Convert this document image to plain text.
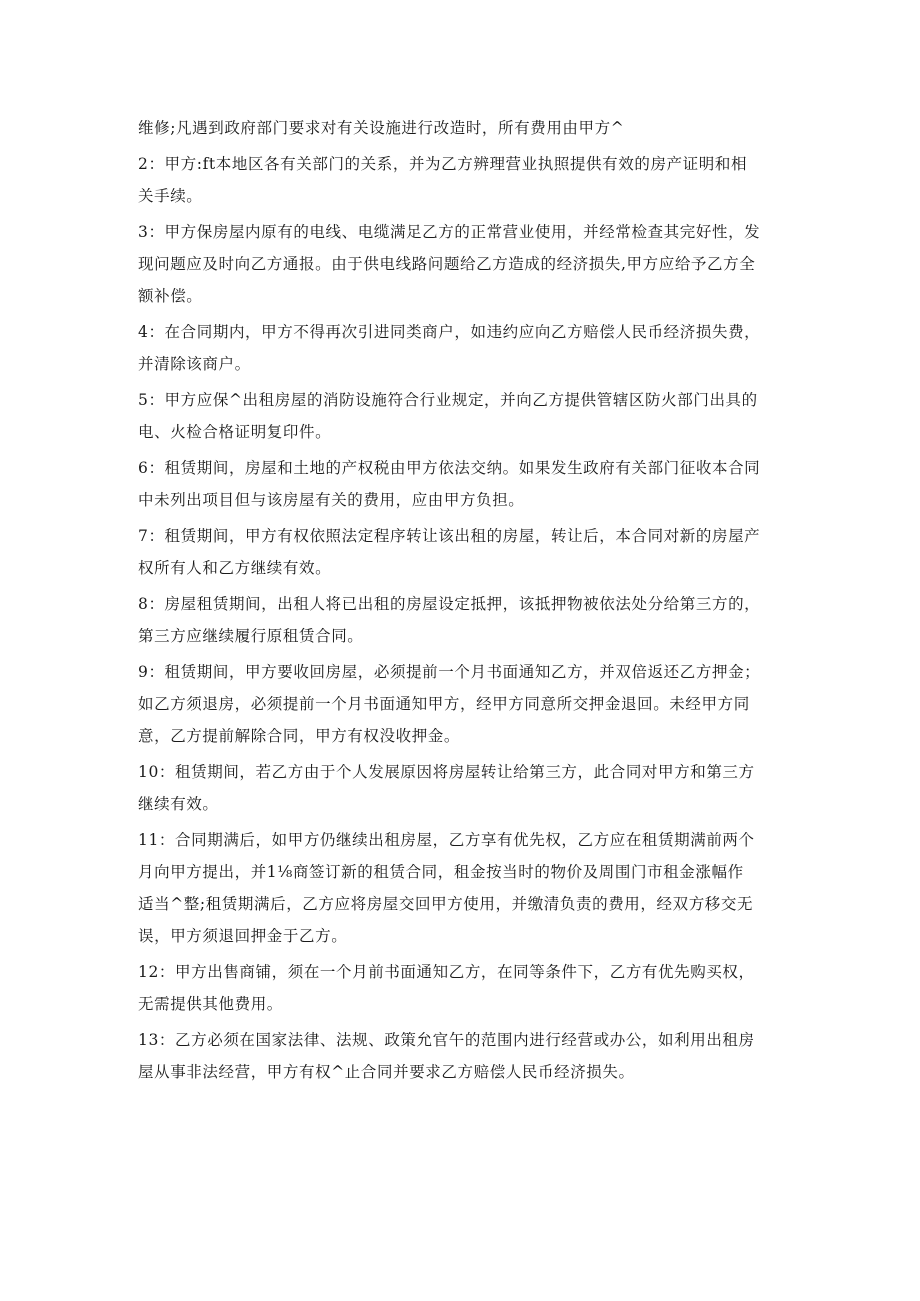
维修;凡遇到政府部门要求对有关设施进行改造时，所有费用由甲方^
2：甲方:ft本地区各有关部门的关系，并为乙方辨理营业执照提供有效的房产证明和相
关手续。
3：甲方保房屋内原有的电线、电缆满足乙方的正常营业使用，并经常检查其完好性，发
现问题应及时向乙方通报。由于供电线路问题给乙方造成的经济损失,甲方应给予乙方全
额补偿。
4：在合同期内，甲方不得再次引进同类商户，如违约应向乙方赔偿人民币经济损失费，
并清除该商户。
5：甲方应保^出租房屋的消防设施符合行业规定，并向乙方提供管辖区防火部门出具的
电、火检合格证明复印件。
6：租赁期间，房屋和土地的产权税由甲方依法交纳。如果发生政府有关部门征收本合同
中未列出项目但与该房屋有关的费用，应由甲方负担。
7：租赁期间，甲方有权依照法定程序转让该出租的房屋，转让后，本合同对新的房屋产
权所有人和乙方继续有效。
8：房屋租赁期间，出租人将已出租的房屋设定抵押，该抵押物被依法处分给第三方的，
第三方应继续履行原租赁合同。
9：租赁期间，甲方要收回房屋，必须提前一个月书面通知乙方，并双倍返还乙方押金；
如乙方须退房，必须提前一个月书面通知甲方，经甲方同意所交押金退回。未经甲方同
意，乙方提前解除合同，甲方有权没收押金。
10：租赁期间，若乙方由于个人发展原因将房屋转让给第三方，此合同对甲方和第三方
继续有效。
11：合同期满后，如甲方仍继续出租房屋，乙方享有优先权，乙方应在租赁期满前两个
月向甲方提出，并1⅛商签订新的租赁合同，租金按当时的物价及周围门市租金涨幅作
适当^整;租赁期满后，乙方应将房屋交回甲方使用，并缴清负责的费用，经双方移交无
误，甲方须退回押金于乙方。
12：甲方出售商铺，须在一个月前书面通知乙方，在同等条件下，乙方有优先购买权，
无需提供其他费用。
13：乙方必须在国家法律、法规、政策允官午的范围内进行经营或办公，如利用出租房
屋从事非法经营，甲方有权^止合同并要求乙方赔偿人民币经济损失。
